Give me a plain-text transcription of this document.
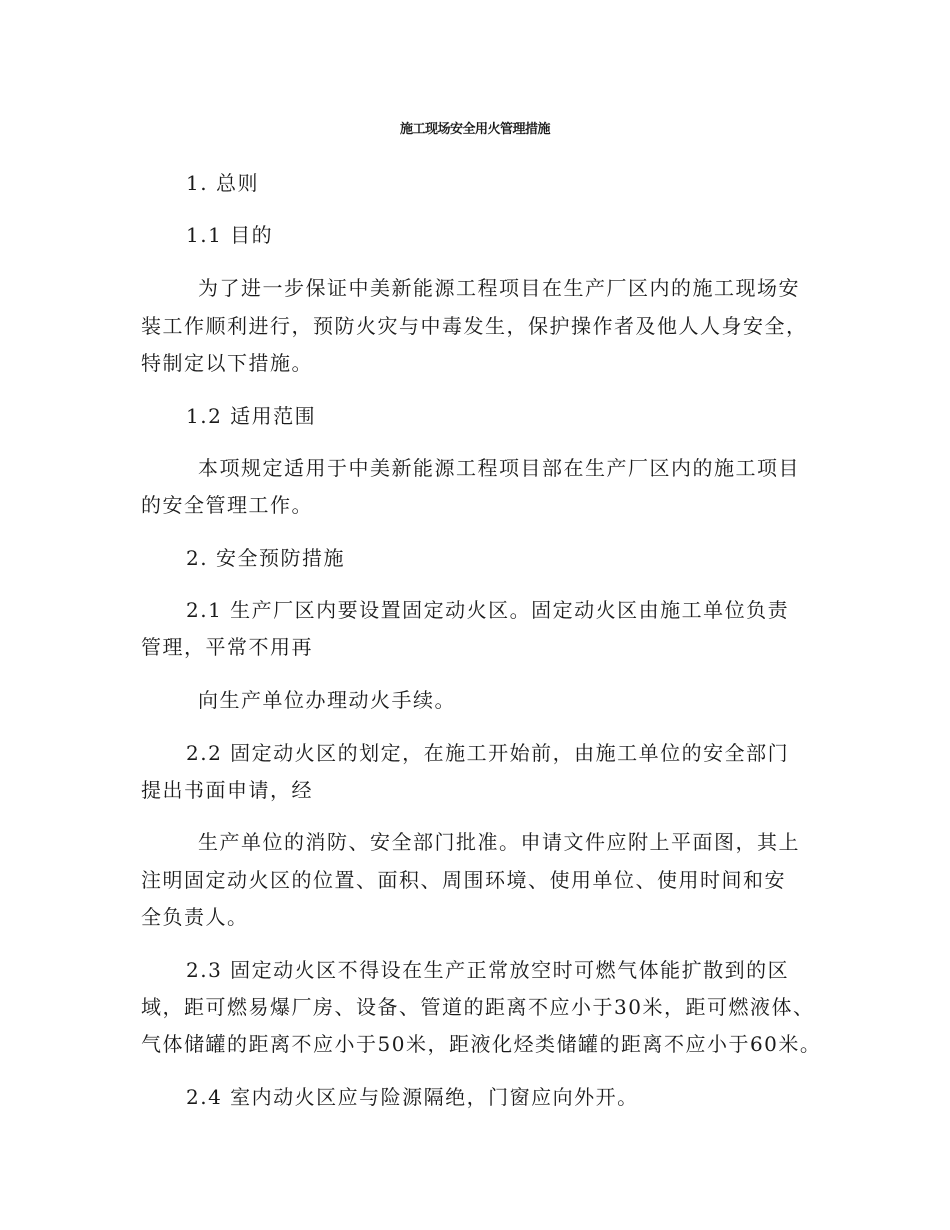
施工现场安全用火管理措施
1. 总则
1.1 目的
为了进一步保证中美新能源工程项目在生产厂区内的施工现场安
装工作顺利进行，预防火灾与中毒发生，保护操作者及他人人身安全，
特制定以下措施。
1.2 适用范围
本项规定适用于中美新能源工程项目部在生产厂区内的施工项目
的安全管理工作。
2. 安全预防措施
2.1 生产厂区内要设置固定动火区。固定动火区由施工单位负责
管理，平常不用再
向生产单位办理动火手续。
2.2 固定动火区的划定，在施工开始前，由施工单位的安全部门
提出书面申请，经
生产单位的消防、安全部门批准。申请文件应附上平面图，其上
注明固定动火区的位置、面积、周围环境、使用单位、使用时间和安
全负责人。
2.3 固定动火区不得设在生产正常放空时可燃气体能扩散到的区
域，距可燃易爆厂房、设备、管道的距离不应小于30米，距可燃液体、
气体储罐的距离不应小于50米，距液化烃类储罐的距离不应小于60米。
2.4 室内动火区应与险源隔绝，门窗应向外开。
